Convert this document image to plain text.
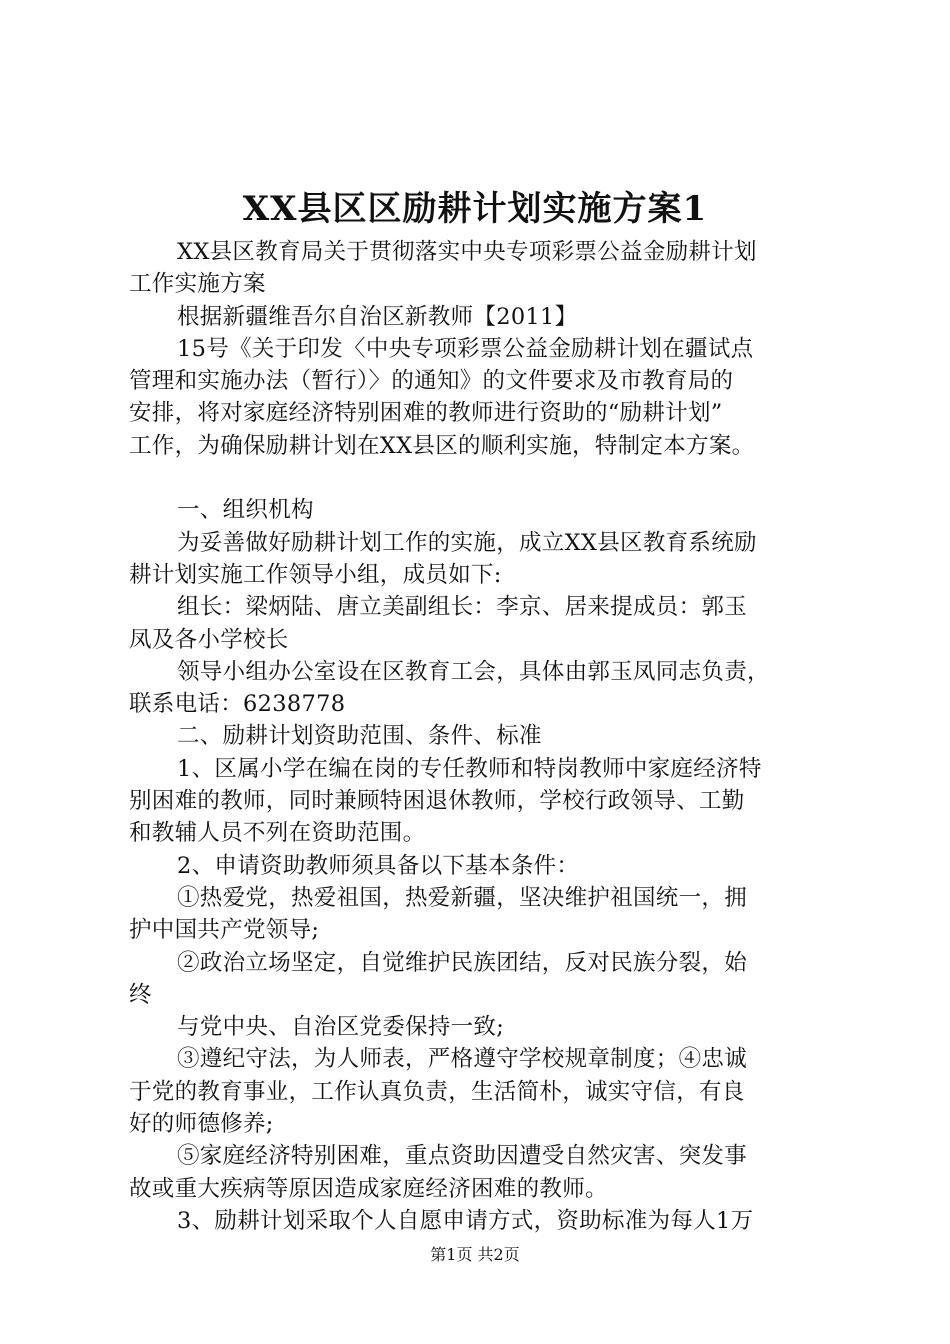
XX县区区励耕计划实施方案1
XX县区教育局关于贯彻落实中央专项彩票公益金励耕计划
工作实施方案
根据新疆维吾尔自治区新教师【2011】
15号《关于印发〈中央专项彩票公益金励耕计划在疆试点
管理和实施办法（暂行）〉的通知》的文件要求及市教育局的
安排，将对家庭经济特别困难的教师进行资助的“励耕计划”
工作，为确保励耕计划在XX县区的顺利实施，特制定本方案。
一、组织机构
为妥善做好励耕计划工作的实施，成立XX县区教育系统励
耕计划实施工作领导小组，成员如下:
组长：梁炳陆、唐立美副组长：李京、居来提成员：郭玉
凤及各小学校长
领导小组办公室设在区教育工会，具体由郭玉凤同志负责，
联系电话：6238778
二、励耕计划资助范围、条件、标准
1、区属小学在编在岗的专任教师和特岗教师中家庭经济特
别困难的教师，同时兼顾特困退休教师，学校行政领导、工勤
和教辅人员不列在资助范围。
2、申请资助教师须具备以下基本条件：
①热爱党，热爱祖国，热爱新疆，坚决维护祖国统一，拥
护中国共产党领导;
②政治立场坚定，自觉维护民族团结，反对民族分裂，始
终
与党中央、自治区党委保持一致;
③遵纪守法，为人师表，严格遵守学校规章制度；④忠诚
于党的教育事业，工作认真负责，生活简朴，诚实守信，有良
好的师德修养;
⑤家庭经济特别困难，重点资助因遭受自然灾害、突发事
故或重大疾病等原因造成家庭经济困难的教师。
3、励耕计划采取个人自愿申请方式，资助标准为每人1万
第1页 共2页
